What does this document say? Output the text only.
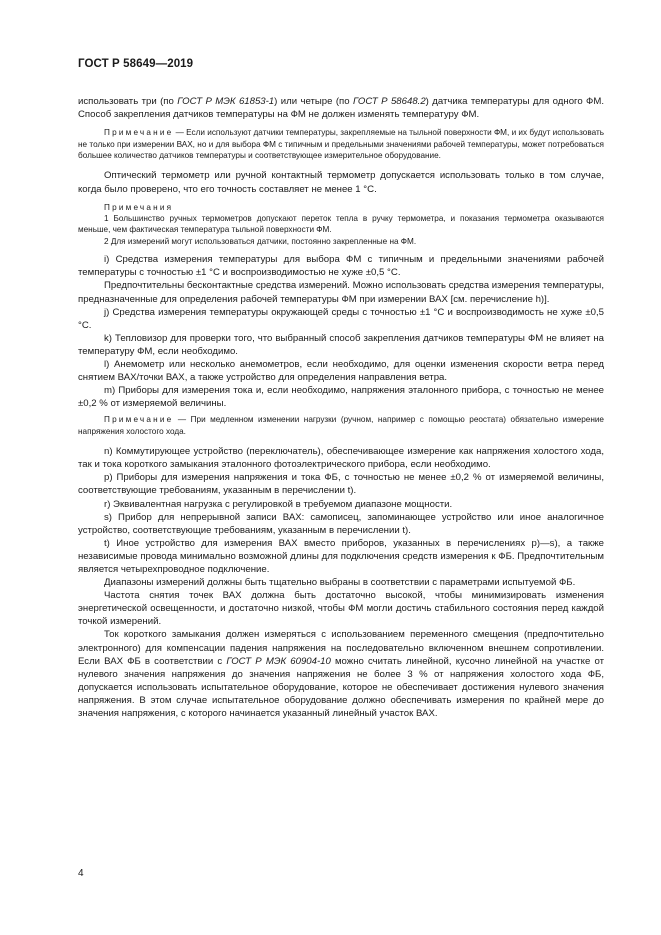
ГОСТ Р 58649—2019

использовать три (по ГОСТ Р МЭК 61853-1) или четыре (по ГОСТ Р 58648.2) датчика температуры для одного ФМ. Способ закрепления датчиков температуры на ФМ не должен изменять температуру ФМ.

Примечание — Если используют датчики температуры, закрепляемые на тыльной поверхности ФМ, и их будут использовать не только при измерении ВАХ, но и для выбора ФМ с типичным и предельными значениями рабочей температуры, может потребоваться большее количество датчиков температуры и соответствующее измерительное оборудование.

Оптический термометр или ручной контактный термометр допускается использовать только в том случае, когда было проверено, что его точность составляет не менее 1 °С.

Примечания

1 Большинство ручных термометров допускают переток тепла в ручку термометра, и показания термометра оказываются меньше, чем фактическая температура тыльной поверхности ФМ.

2 Для измерений могут использоваться датчики, постоянно закрепленные на ФМ.

i) Средства измерения температуры для выбора ФМ с типичным и предельными значениями рабочей температуры с точностью ±1 °С и воспроизводимостью не хуже ±0,5 °С.

Предпочтительны бесконтактные средства измерений. Можно использовать средства измерения температуры, предназначенные для определения рабочей температуры ФМ при измерении ВАХ [см. перечисление h)].

j) Средства измерения температуры окружающей среды с точностью ±1 °С и воспроизводимость не хуже ±0,5 °С.

k) Тепловизор для проверки того, что выбранный способ закрепления датчиков температуры ФМ не влияет на температуру ФМ, если необходимо.

l) Анемометр или несколько анемометров, если необходимо, для оценки изменения скорости ветра перед снятием ВАХ/точки ВАХ, а также устройство для определения направления ветра.

m) Приборы для измерения тока и, если необходимо, напряжения эталонного прибора, с точностью не менее ±0,2 % от измеряемой величины.

Примечание — При медленном изменении нагрузки (ручном, например с помощью реостата) обязательно измерение напряжения холостого хода.

n) Коммутирующее устройство (переключатель), обеспечивающее измерение как напряжения холостого хода, так и тока короткого замыкания эталонного фотоэлектрического прибора, если необходимо.

p) Приборы для измерения напряжения и тока ФБ, с точностью не менее ±0,2 % от измеряемой величины, соответствующие требованиям, указанным в перечислении t).

r) Эквивалентная нагрузка с регулировкой в требуемом диапазоне мощности.

s) Прибор для непрерывной записи ВАХ: самописец, запоминающее устройство или иное аналогичное устройство, соответствующие требованиям, указанным в перечислении t).

t) Иное устройство для измерения ВАХ вместо приборов, указанных в перечислениях p)—s), а также независимые провода минимально возможной длины для подключения средств измерения к ФБ. Предпочтительным является четырехпроводное подключение.

Диапазоны измерений должны быть тщательно выбраны в соответствии с параметрами испытуемой ФБ.

Частота снятия точек ВАХ должна быть достаточно высокой, чтобы минимизировать изменения энергетической освещенности, и достаточно низкой, чтобы ФМ могли достичь стабильного состояния перед каждой точкой измерений.

Ток короткого замыкания должен измеряться с использованием переменного смещения (предпочтительно электронного) для компенсации падения напряжения на последовательно включенном внешнем сопротивлении. Если ВАХ ФБ в соответствии с ГОСТ Р МЭК 60904-10 можно считать линейной, кусочно линейной на участке от нулевого значения напряжения до значения напряжения не более 3 % от напряжения холостого хода ФБ, допускается использовать испытательное оборудование, которое не обеспечивает достижения нулевого значения напряжения. В этом случае испытательное оборудование должно обеспечивать измерения по крайней мере до значения напряжения, с которого начинается указанный линейный участок ВАХ.

4
